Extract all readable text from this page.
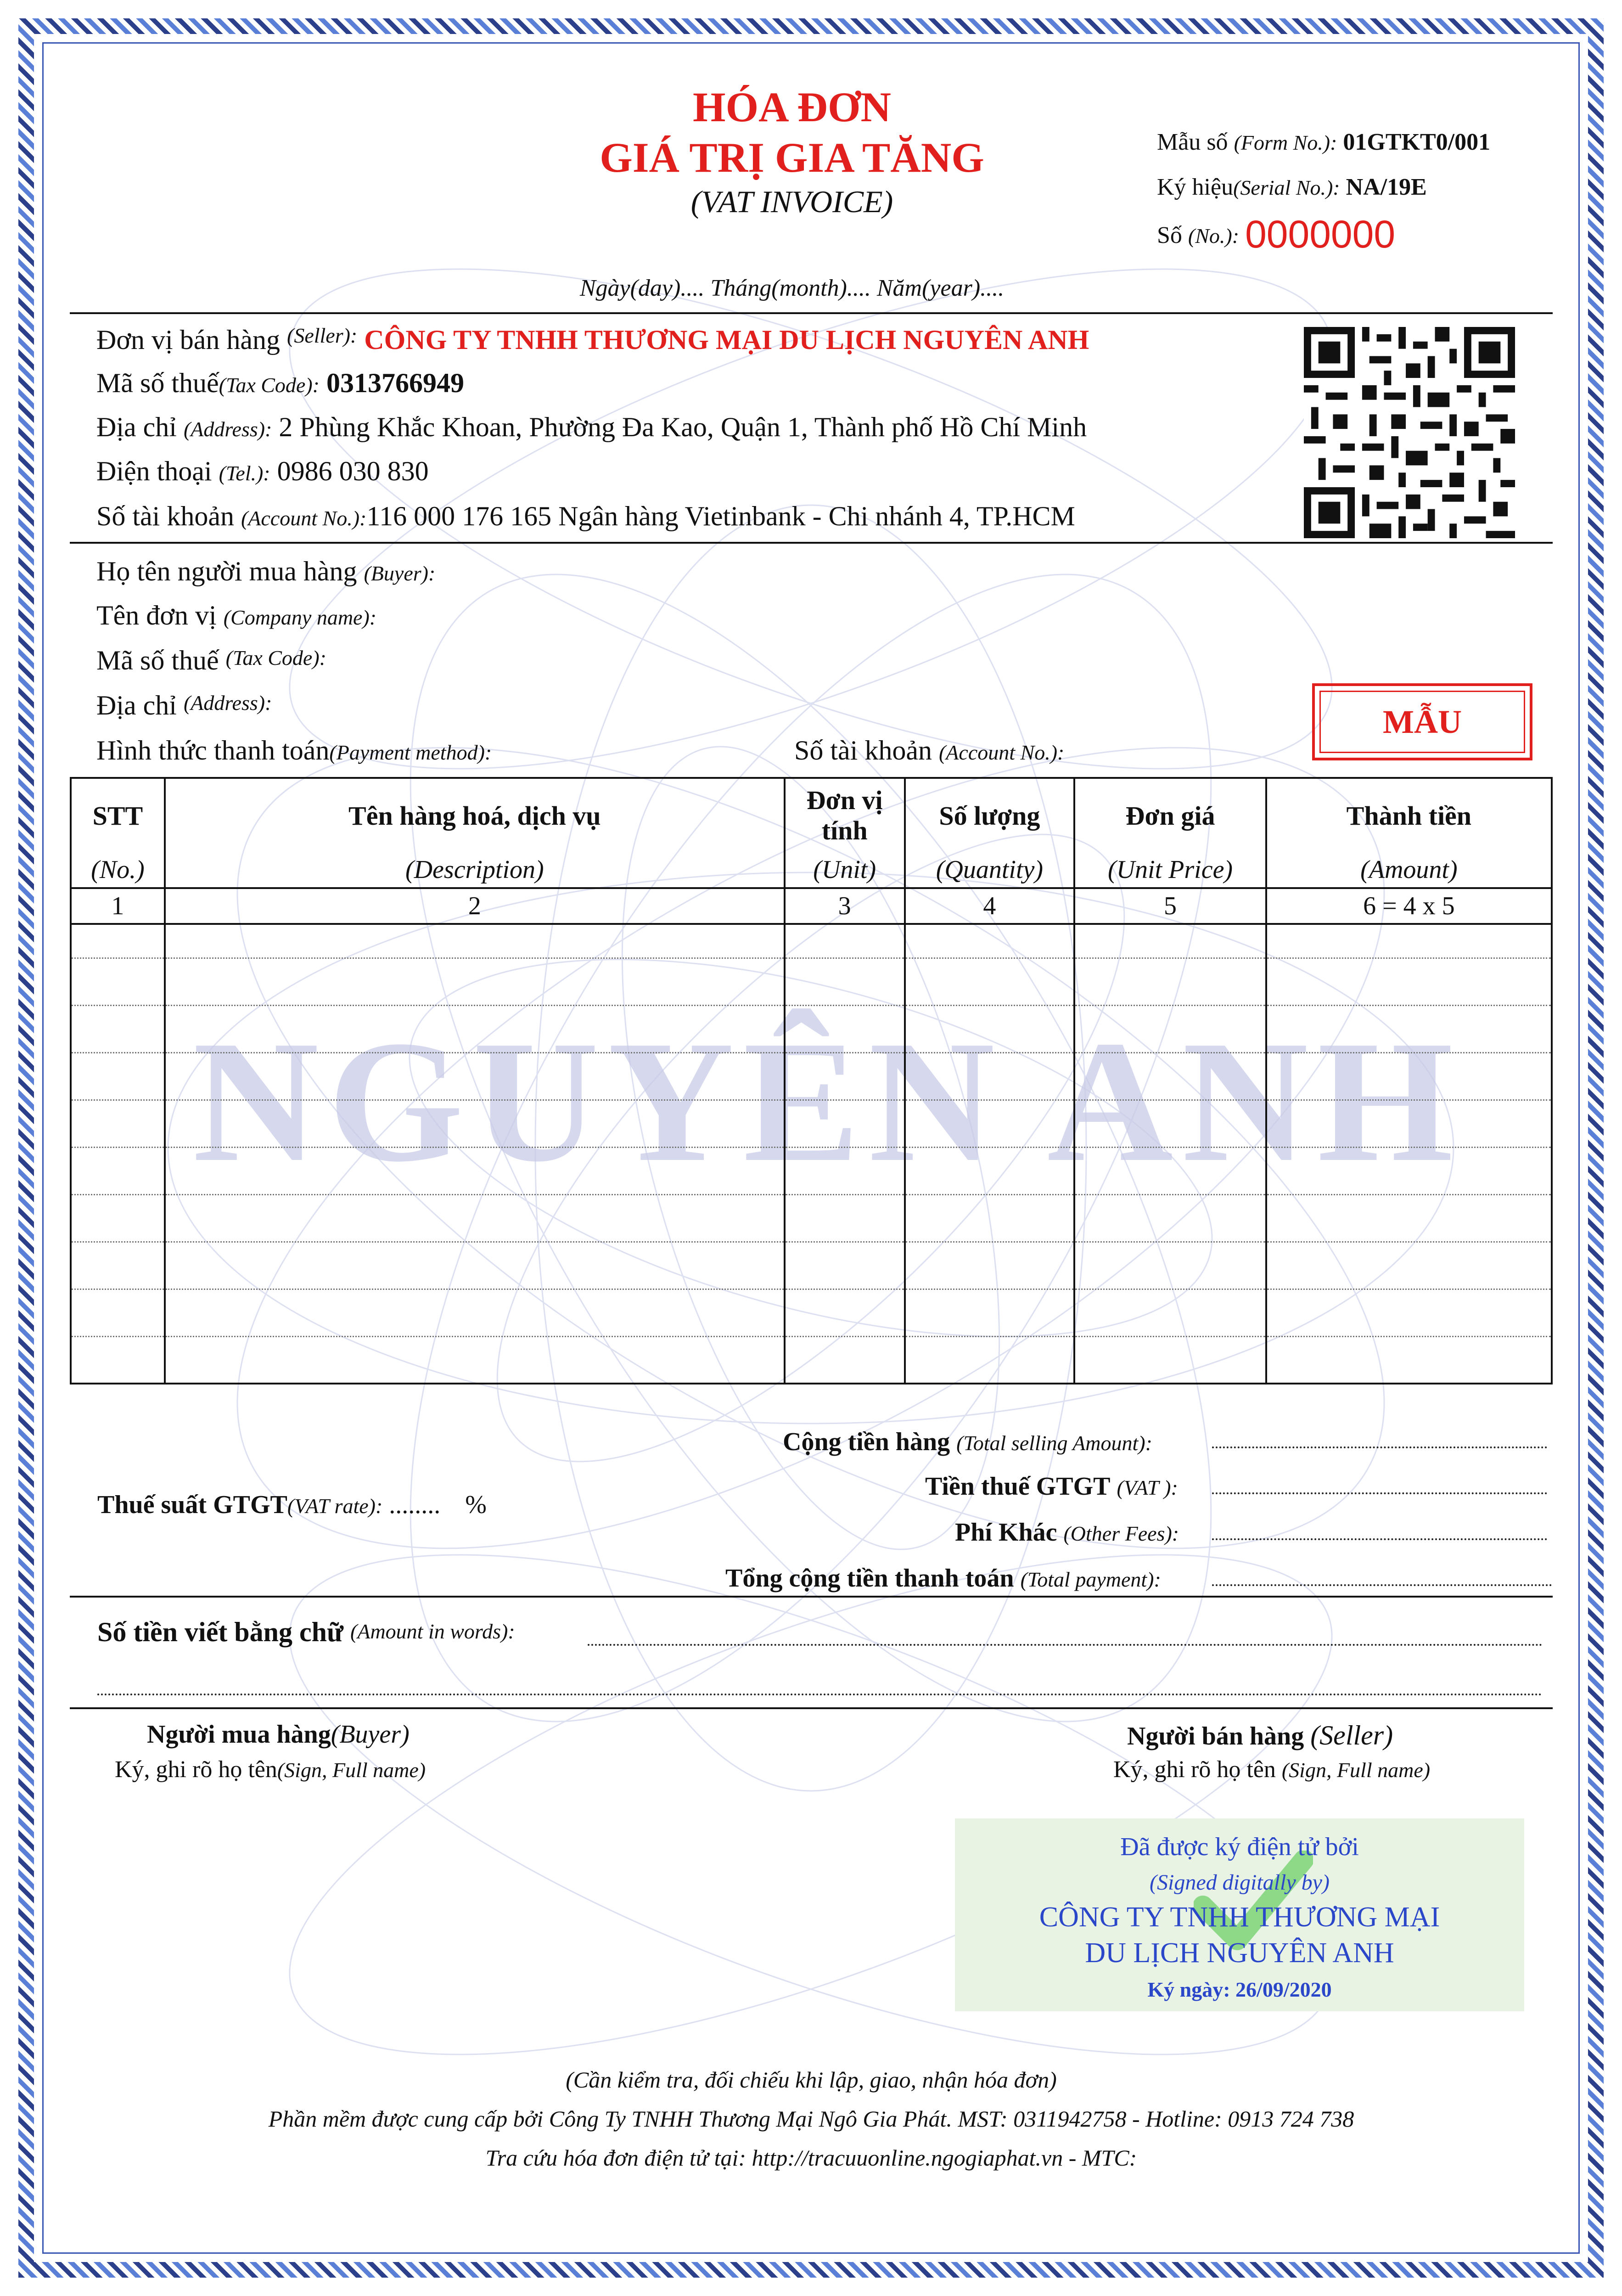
NGUYÊN ANH
HÓA ĐƠN
GIÁ TRỊ GIA TĂNG
(VAT INVOICE)
Mẫu số (Form No.): 01GTKT0/001
Ký hiệu(Serial No.): NA/19E
Số (No.): 0000000
Ngày(day).... Tháng(month).... Năm(year)....
Đơn vị bán hàng $^{(Seller):}$ CÔNG TY TNHH THƯƠNG MẠI DU LỊCH NGUYÊN ANH
Mã số thuế(Tax Code): 0313766949
Địa chỉ (Address): 2 Phùng Khắc Khoan, Phường Đa Kao, Quận 1, Thành phố Hồ Chí Minh
Điện thoại (Tel.): 0986 030 830
Số tài khoản (Account No.):116 000 176 165 Ngân hàng Vietinbank - Chi nhánh 4, TP.HCM
Họ tên người mua hàng (Buyer):
Tên đơn vị (Company name):
Mã số thuế (Tax Code):
Địa chỉ (Address):
Hình thức thanh toán(Payment method):	Số tài khoản (Account No.):
MẪU
STT	Tên hàng hoá, dịch vụ	Đơn vị tính	Số lượng	Đơn giá	Thành tiền
(No.)	(Description)	(Unit)	(Quantity)	(Unit Price)	(Amount)
1	2	3	4	5	6 = 4 x 5

Cộng tiền hàng (Total selling Amount):
Thuế suất GTGT(VAT rate): ........ %
Tiền thuế GTGT (VAT ):
Phí Khác (Other Fees):
Tổng cộng tiền thanh toán (Total payment):
Số tiền viết bằng chữ (Amount in words):
Người mua hàng(Buyer)
Ký, ghi rõ họ tên(Sign, Full name)
Người bán hàng (Seller)
Ký, ghi rõ họ tên (Sign, Full name)
Đã được ký điện tử bởi
(Signed digitally by)
CÔNG TY TNHH THƯƠNG MẠI
DU LỊCH NGUYÊN ANH
Ký ngày: 26/09/2020
(Cần kiểm tra, đối chiếu khi lập, giao, nhận hóa đơn)
Phần mềm được cung cấp bởi Công Ty TNHH Thương Mại Ngô Gia Phát. MST: 0311942758 - Hotline: 0913 724 738
Tra cứu hóa đơn điện tử tại: http://tracuuonline.ngogiaphat.vn - MTC:
